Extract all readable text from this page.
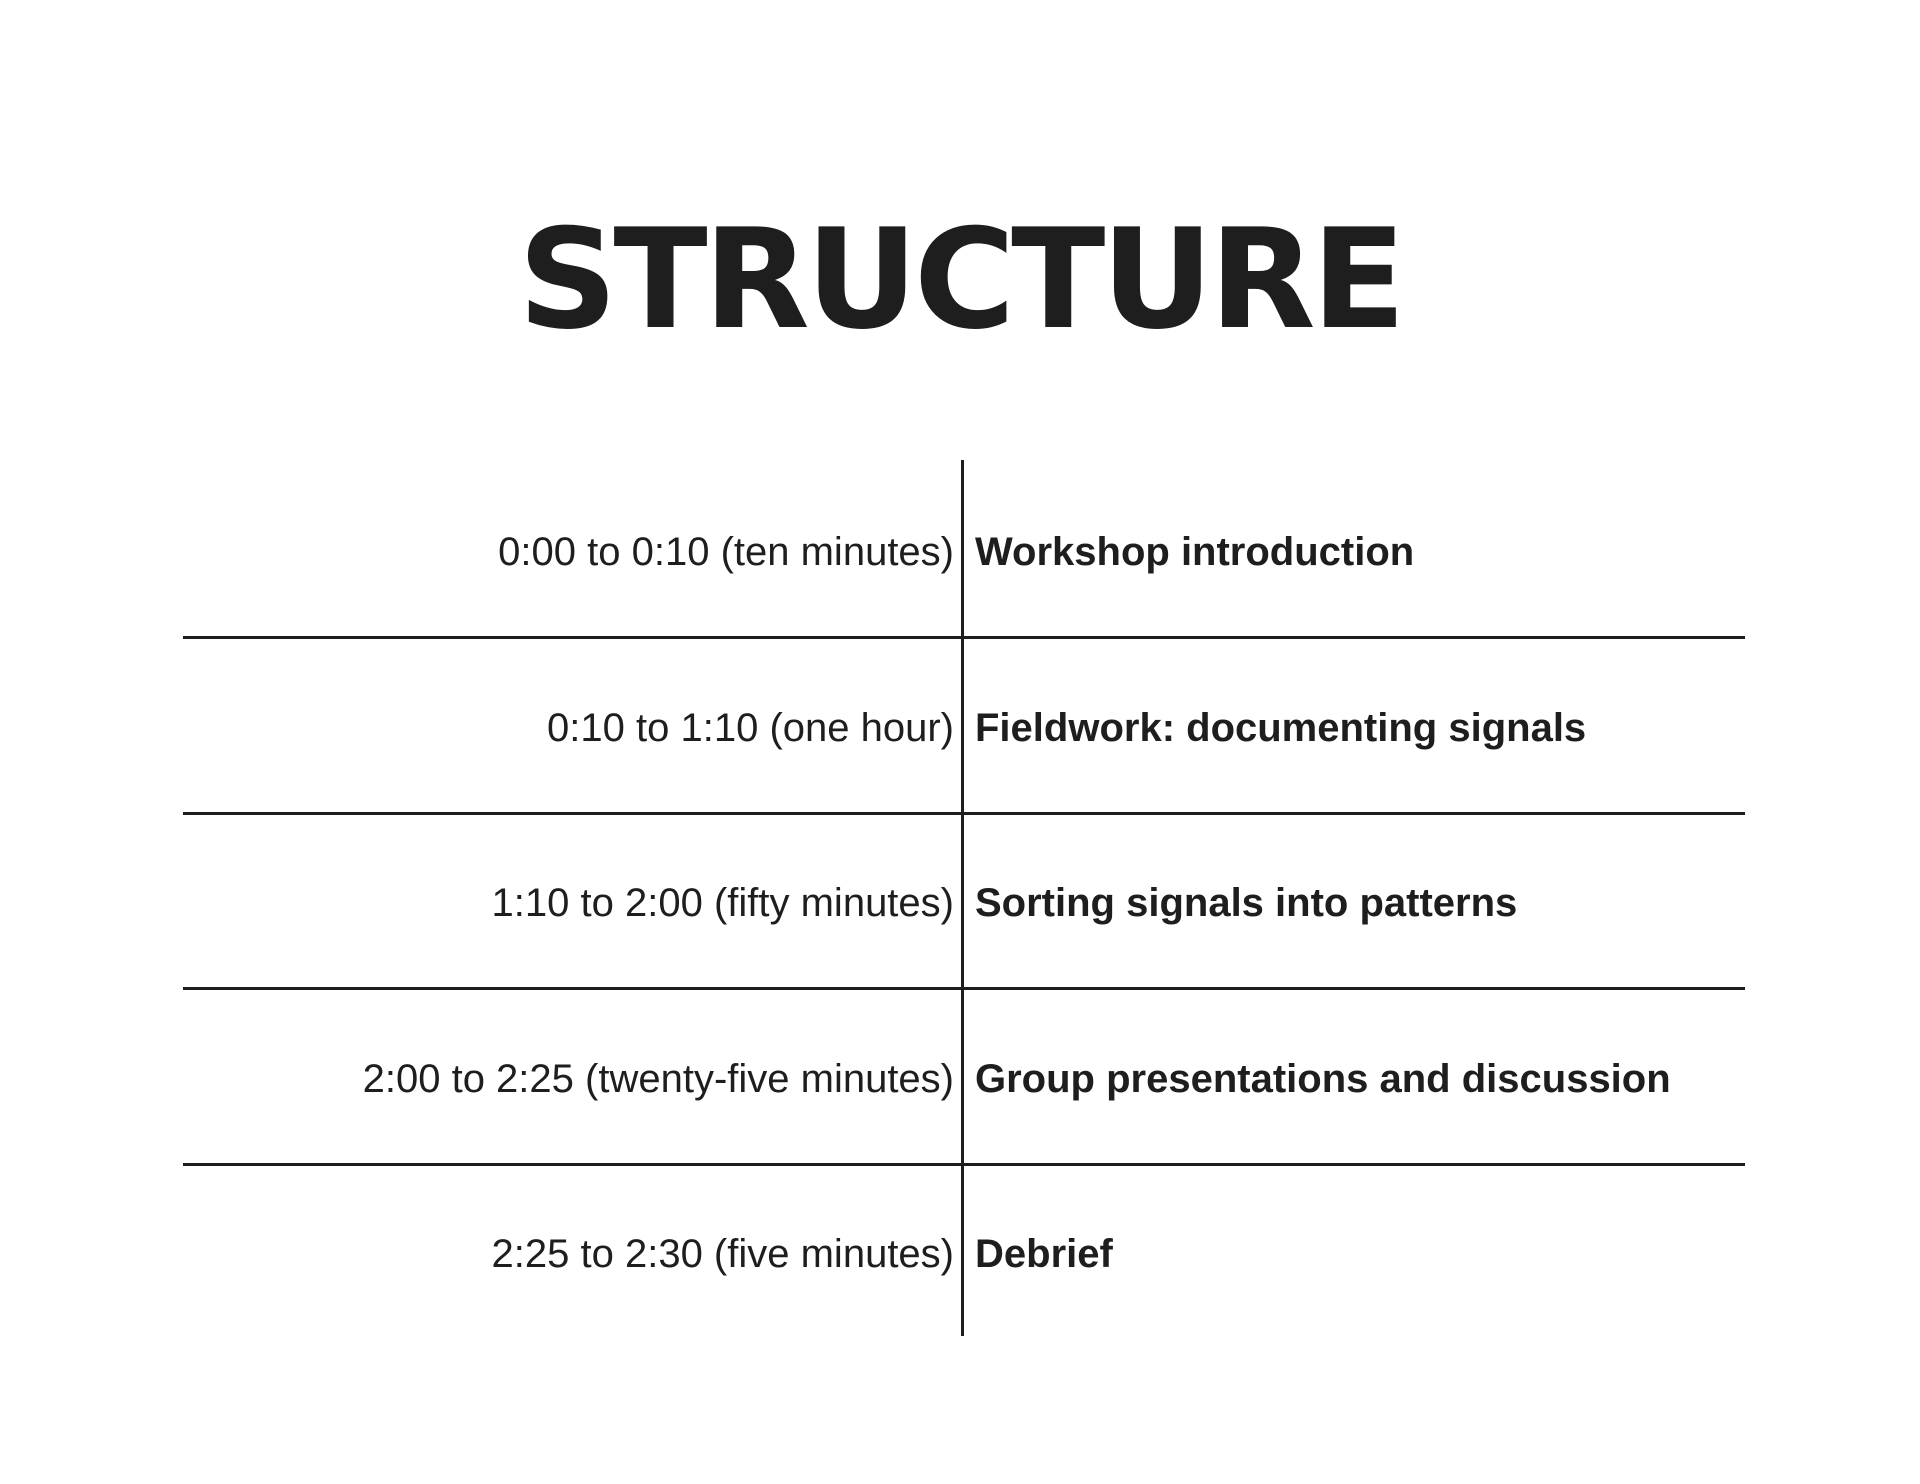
STRUCTURE
0:00 to 0:10 (ten minutes) Workshop introduction
0:10 to 1:10 (one hour) Fieldwork: documenting signals
1:10 to 2:00 (fifty minutes) Sorting signals into patterns
2:00 to 2:25 (twenty-five minutes) Group presentations and discussion
2:25 to 2:30 (five minutes) Debrief
